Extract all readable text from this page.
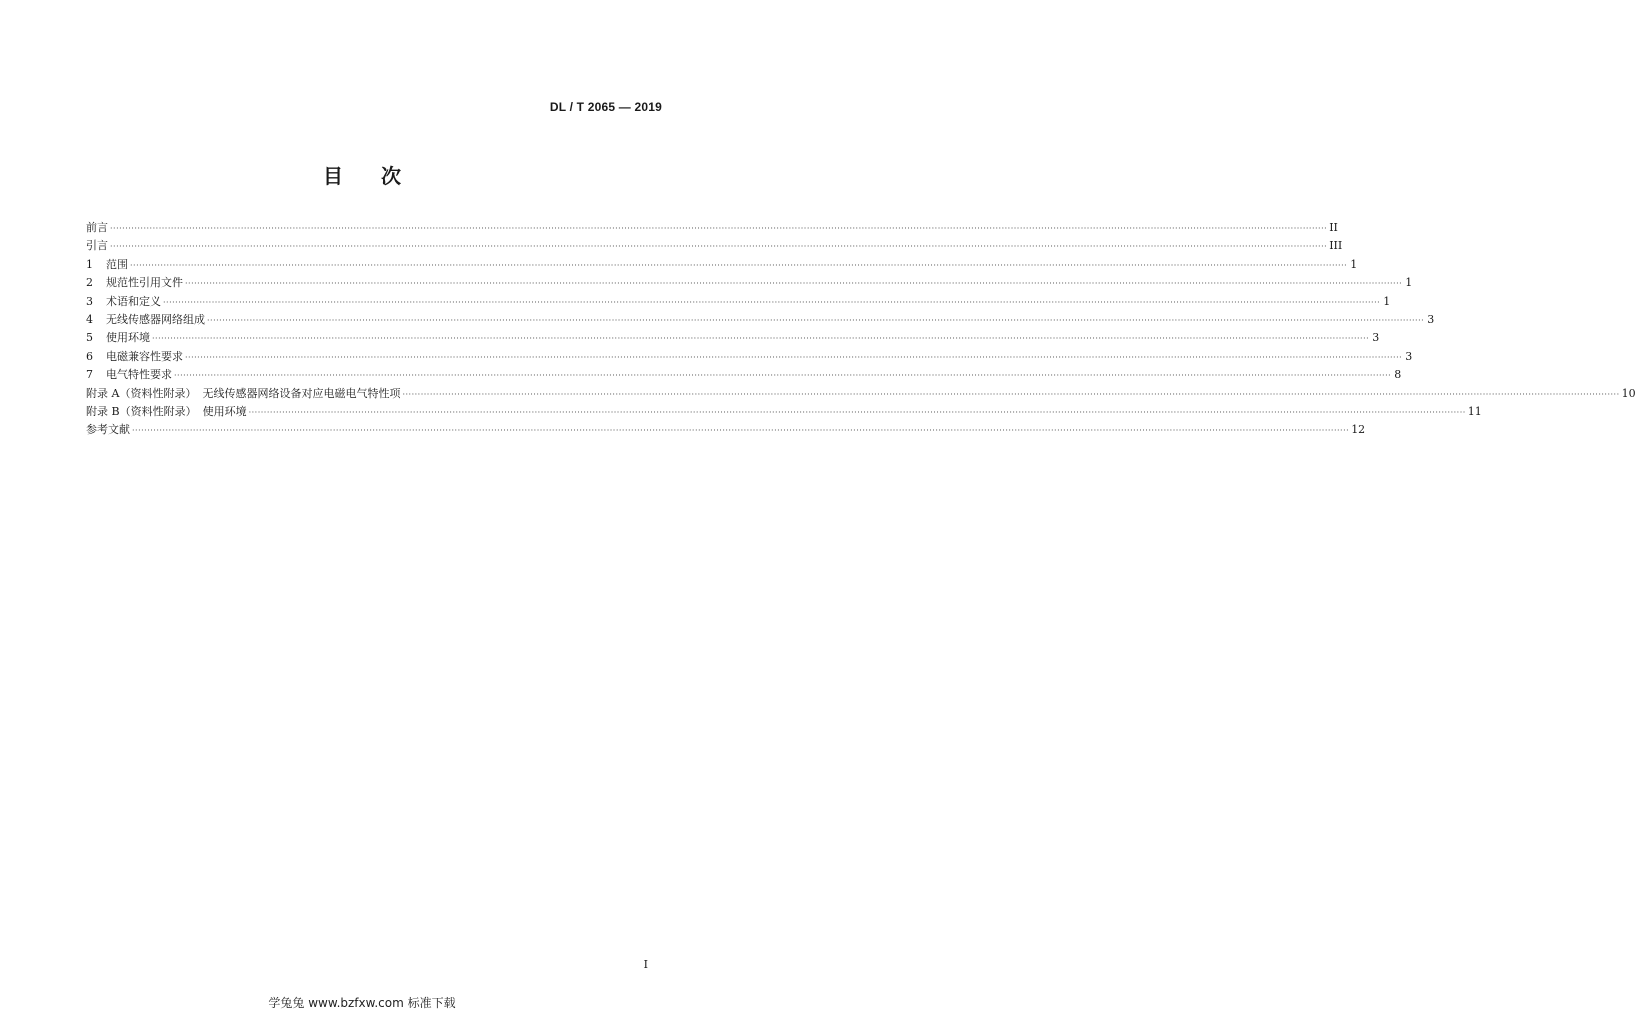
DL / T 2065 — 2019
目 次
前言 ················································································································································································································································································································································································································ II
引言 ················································································································································································································································································································································································································ III
1	范围 ················································································································································································································································································································································································································ 1
2	规范性引用文件 ················································································································································································································································································································································································································ 1
3	术语和定义 ················································································································································································································································································································································································································ 1
4	无线传感器网络组成 ················································································································································································································································································································································································································ 3
5	使用环境 ················································································································································································································································································································································································································ 3
6	电磁兼容性要求 ················································································································································································································································································································································································································ 3
7	电气特性要求 ················································································································································································································································································································································································································ 8
附录 A（资料性附录） 无线传感器网络设备对应电磁电气特性项 ················································································································································································································································································································································································································ 10
附录 B（资料性附录） 使用环境 ················································································································································································································································································································································································································ 11
参考文献 ················································································································································································································································································································································································································ 12
I
学兔兔 www.bzfxw.com 标准下载
